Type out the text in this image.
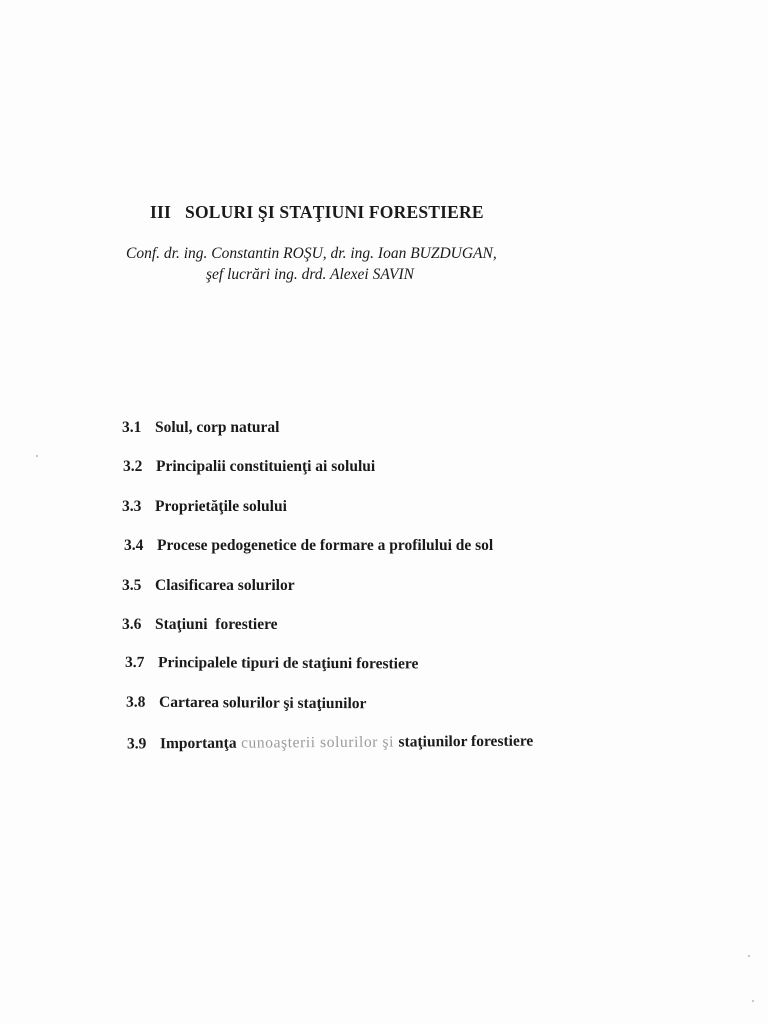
III SOLURI ŞI STAŢIUNI FORESTIERE
Conf. dr. ing. Constantin ROŞU, dr. ing. Ioan BUZDUGAN,
şef lucrări ing. drd. Alexei SAVIN
3.1 Solul, corp natural
3.2 Principalii constituienţi ai solului
3.3 Proprietăţile solului
3.4 Procese pedogenetice de formare a profilului de sol
3.5 Clasificarea solurilor
3.6 Staţiuni  forestiere
3.7 Principalele tipuri de staţiuni forestiere
3.8 Cartarea solurilor şi staţiunilor
3.9 Importanţa cunoaşterii solurilor şi staţiunilor forestiere
